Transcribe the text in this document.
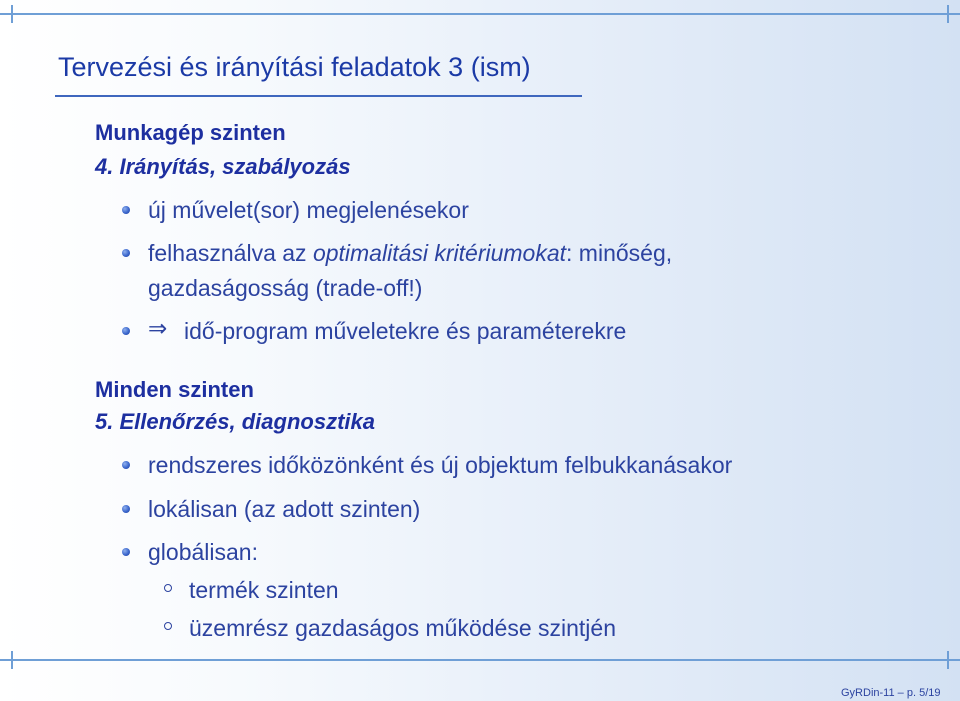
Tervezési és irányítási feladatok 3 (ism)
Munkagép szinten
4. Irányítás, szabályozás
új művelet(sor) megjelenésekor
felhasználva az optimalitási kritériumokat: minőség,
gazdaságosság (trade-off!)
⇒ idő-program műveletekre és paraméterekre
Minden szinten
5. Ellenőrzés, diagnosztika
rendszeres időközönként és új objektum felbukkanásakor
lokálisan (az adott szinten)
globálisan:
termék szinten
üzemrész gazdaságos működése szintjén
GyRDin-11 – p. 5/19
